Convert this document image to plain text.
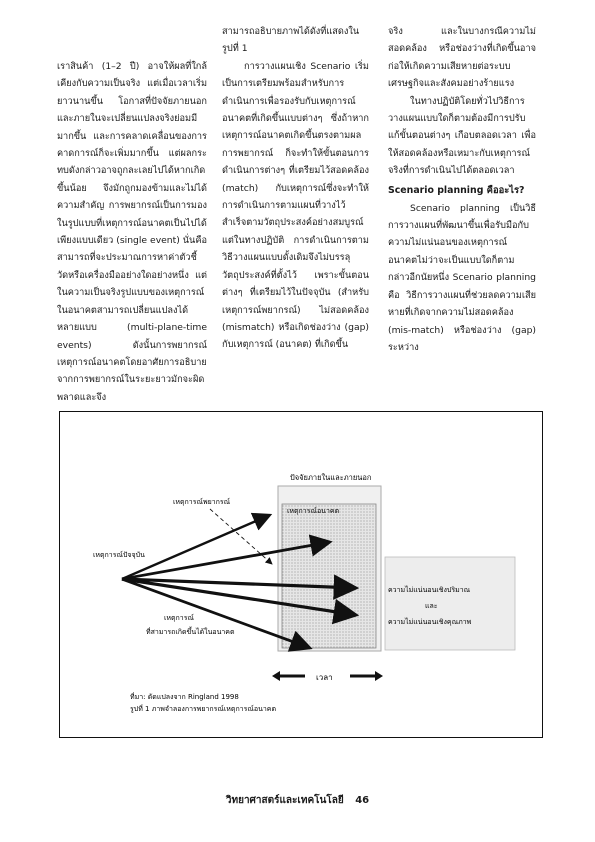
เราสินค้า (1–2 ปี) อาจให้ผลที่ใกล้เคียงกับความเป็นจริง แต่เมื่อเวลาเริ่มยาวนานขึ้น โอกาสที่ปัจจัยภายนอกและภายในจะเปลี่ยนแปลงจริงย่อมมีมากขึ้น และการคลาดเคลื่อนของการคาดการณ์ก็จะเพิ่มมากขึ้น แต่ผลกระทบดังกล่าวอาจถูกละเลยไปได้หากเกิดขึ้นน้อย จึงมักถูกมองข้ามและไม่ได้ความสำคัญ การพยากรณ์เป็นการมองในรูปแบบที่เหตุการณ์อนาคตเป็นไปได้เพียงแบบเดียว (single event) นั่นคือสามารถที่จะประมาณการหาค่าตัวชี้วัดหรือเครื่องมืออย่างใดอย่างหนึ่ง แต่ในความเป็นจริงรูปแบบของเหตุการณ์ในอนาคตสามารถเปลี่ยนแปลงได้หลายแบบ (multi-plane-time events) ดังนั้นการพยากรณ์เหตุการณ์อนาคตโดยอาศัยการอธิบายจากการพยากรณ์ในระยะยาวมักจะผิดพลาดและจึง

สามารถอธิบายภาพได้ดังที่แสดงในรูปที่ 1

การวางแผนเชิง Scenario เริ่มเป็นการเตรียมพร้อมสำหรับการดำเนินการเพื่อรองรับกับเหตุการณ์อนาคตที่เกิดขึ้นแบบต่างๆ ซึ่งถ้าหากเหตุการณ์อนาคตเกิดขึ้นตรงตามผลการพยากรณ์ ก็จะทำให้ขั้นตอนการดำเนินการต่างๆ ที่เตรียมไว้สอดคล้อง (match) กับเหตุการณ์ซึ่งจะทำให้การดำเนินการตามแผนที่วางไว้สำเร็จตามวัตถุประสงค์อย่างสมบูรณ์ แต่ในทางปฏิบัติ การดำเนินการตามวิธีวางแผนแบบดั้งเดิมจึงไม่บรรลุวัตถุประสงค์ที่ตั้งไว้ เพราะขั้นตอนต่างๆ ที่เตรียมไว้ในปัจจุบัน (สำหรับเหตุการณ์พยากรณ์) ไม่สอดคล้อง (mismatch) หรือเกิดช่องว่าง (gap) กับเหตุการณ์ (อนาคต) ที่เกิดขึ้น

จริง และในบางกรณีความไม่สอดคล้อง หรือช่องว่างที่เกิดขึ้นอาจก่อให้เกิดความเสียหายต่อระบบเศรษฐกิจและสังคมอย่างร้ายแรง

ในทางปฏิบัติโดยทั่วไปวิธีการวางแผนแบบใดก็ตามต้องมีการปรับแก้ขั้นตอนต่างๆ เกือบตลอดเวลา เพื่อให้สอดคล้องหรือเหมาะกับเหตุการณ์จริงที่การดำเนินไปได้ตลอดเวลา

Scenario planning คืออะไร?

Scenario planning เป็นวิธีการวางแผนที่พัฒนาขึ้นเพื่อรับมือกับความไม่แน่นอนของเหตุการณ์อนาคตไม่ว่าจะเป็นแบบใดก็ตาม กล่าวอีกนัยหนึ่ง Scenario planning คือ วิธีการวางแผนที่ช่วยลดความเสียหายที่เกิดจากความไม่สอดคล้อง (mis-match) หรือช่องว่าง (gap) ระหว่าง

ปัจจัยภายในและภายนอก
เหตุการณ์อนาคต
ความไม่แน่นอนเชิงปริมาณ
และ
ความไม่แน่นอนเชิงคุณภาพ
เหตุการณ์พยากรณ์
เหตุการณ์ปัจจุบัน
เหตุการณ์
ที่สามารถเกิดขึ้นได้ในอนาคต
เวลา
ที่มา: ดัดแปลงจาก Ringland 1998
รูปที่ 1 ภาพจำลองการพยากรณ์เหตุการณ์อนาคต
วิทยาศาสตร์และเทคโนโลยี 46
